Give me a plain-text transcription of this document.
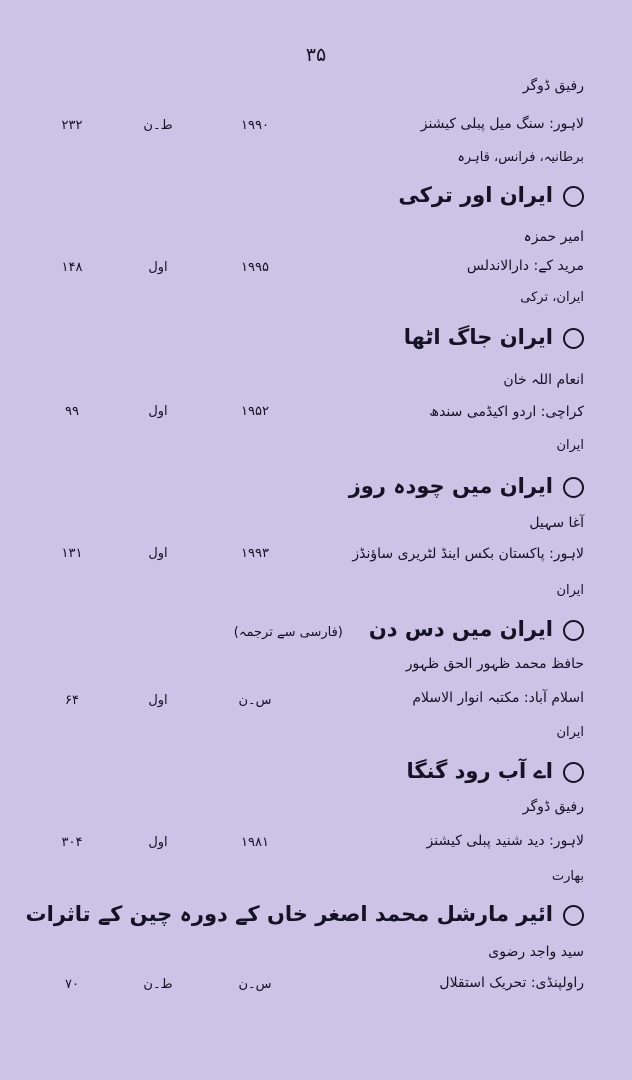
۳۵
رفیق ڈوگر
لاہور: سنگ میل پبلی کیشنز
۱۹۹۰
ط۔ن
۲۳۲
برطانیہ، فرانس، قاہرہ
ایران اور ترکی
امیر حمزہ
مرید کے: دارالاندلس
۱۹۹۵
اول
۱۴۸
ایران، ترکی
ایران جاگ اٹھا
انعام اللہ خان
کراچی: اردو اکیڈمی سندھ
۱۹۵۲
اول
۹۹
ایران
ایران میں چودہ روز
آغا سہیل
لاہور: پاکستان بکس اینڈ لٹریری ساؤنڈز
۱۹۹۳
اول
۱۳۱
ایران
ایران میں دس دن(فارسی سے ترجمہ)
حافظ محمد ظہور الحق ظہور
اسلام آباد: مکتبہ انوار الاسلام
س۔ن
اول
۶۴
ایران
اے آب رود گنگا
رفیق ڈوگر
لاہور: دید شنید پبلی کیشنز
۱۹۸۱
اول
۳۰۴
بھارت
ائیر مارشل محمد اصغر خاں کے دورہ چین کے تاثرات
سید واجد رضوی
راولپنڈی: تحریک استقلال
س۔ن
ط۔ن
۷۰
